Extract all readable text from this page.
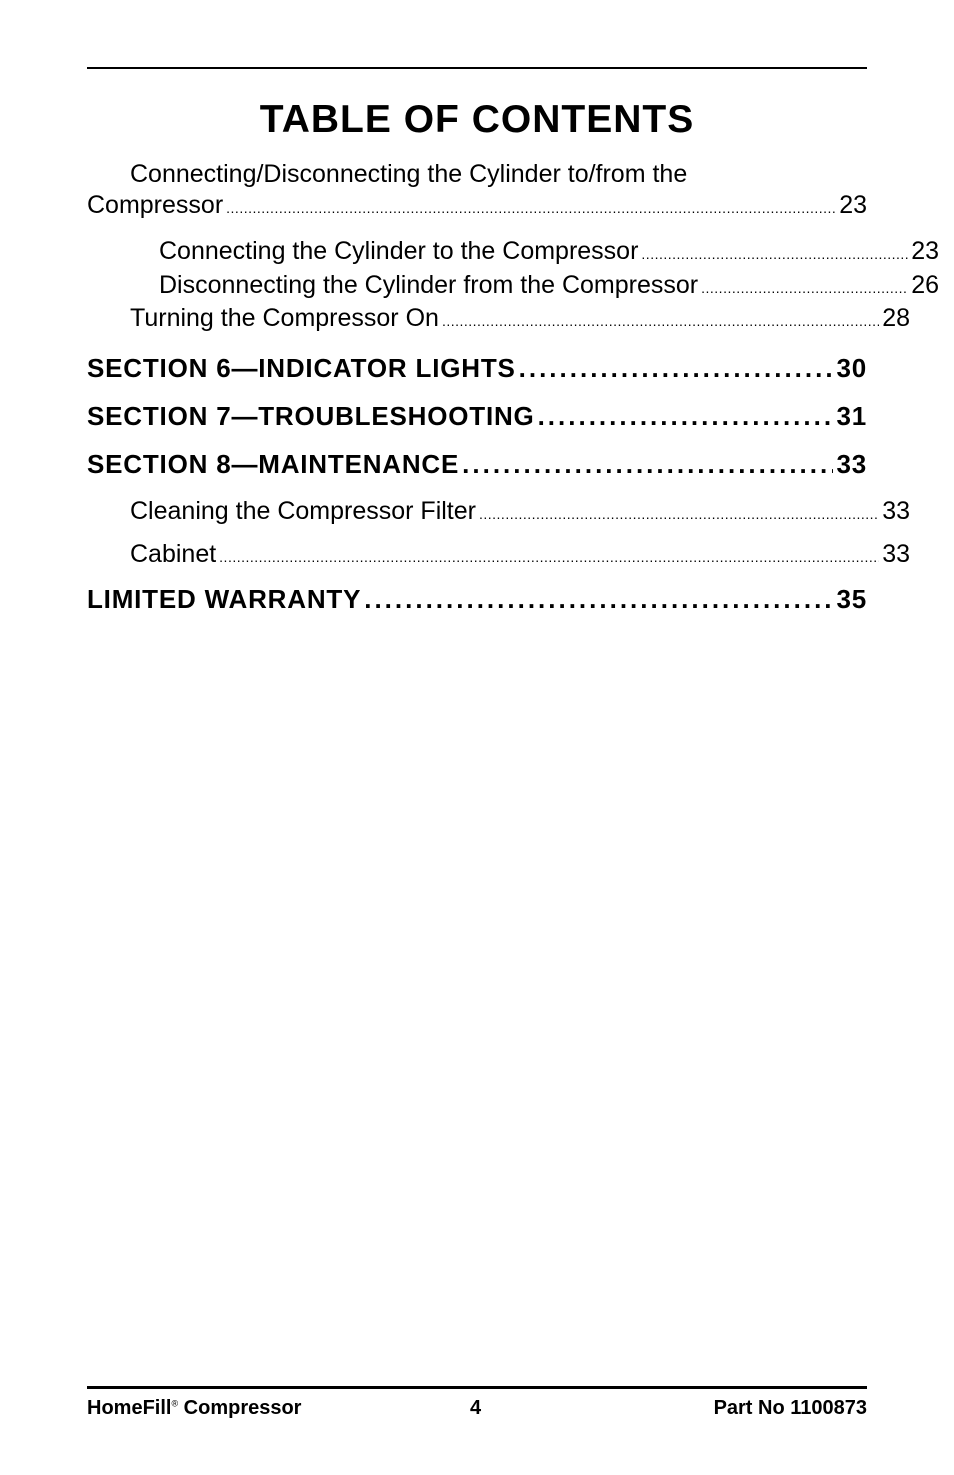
TABLE OF CONTENTS
Connecting/Disconnecting the Cylinder to/from the
Compressor .....	23
Connecting the Cylinder to the Compressor .....	23
Disconnecting the Cylinder from the Compressor .....	26
Turning the Compressor On .....	28
SECTION 6—INDICATOR LIGHTS .....	30
SECTION 7—TROUBLESHOOTING .....	31
SECTION 8—MAINTENANCE .....	33
Cleaning the Compressor Filter .....	33
Cabinet .....	33
LIMITED WARRANTY .....	35
HomeFill® Compressor	4	Part No 1100873
